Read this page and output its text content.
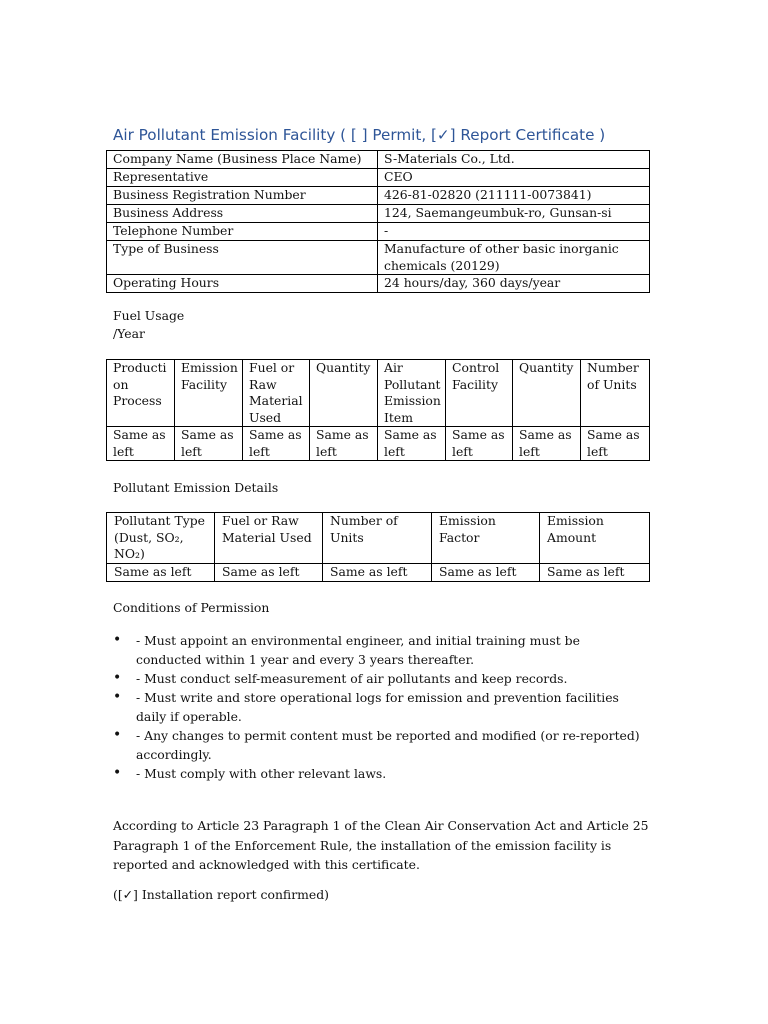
Air Pollutant Emission Facility ( [ ] Permit, [✓] Report Certificate )
Company Name (Business Place Name)	S-Materials Co., Ltd.
Representative	CEO
Business Registration Number	426-81-02820 (211111-0073841)
Business Address	124, Saemangeumbuk-ro, Gunsan-si
Telephone Number	-
Type of Business	Manufacture of other basic inorganic chemicals (20129)
Operating Hours	24 hours/day, 360 days/year
Fuel Usage
/Year
Producti on Process	Emission Facility	Fuel or Raw Material Used	Quantity	Air Pollutant Emission Item	Control Facility	Quantity	Number of Units
Same as left	Same as left	Same as left	Same as left	Same as left	Same as left	Same as left	Same as left
Pollutant Emission Details
Pollutant Type (Dust, SO₂, NO₂)	Fuel or Raw Material Used	Number of Units	Emission Factor	Emission Amount
Same as left	Same as left	Same as left	Same as left	Same as left
Conditions of Permission
• - Must appoint an environmental engineer, and initial training must be conducted within 1 year and every 3 years thereafter.
• - Must conduct self-measurement of air pollutants and keep records.
• - Must write and store operational logs for emission and prevention facilities daily if operable.
• - Any changes to permit content must be reported and modified (or re-reported) accordingly.
• - Must comply with other relevant laws.
According to Article 23 Paragraph 1 of the Clean Air Conservation Act and Article 25 Paragraph 1 of the Enforcement Rule, the installation of the emission facility is reported and acknowledged with this certificate.
([✓] Installation report confirmed)
